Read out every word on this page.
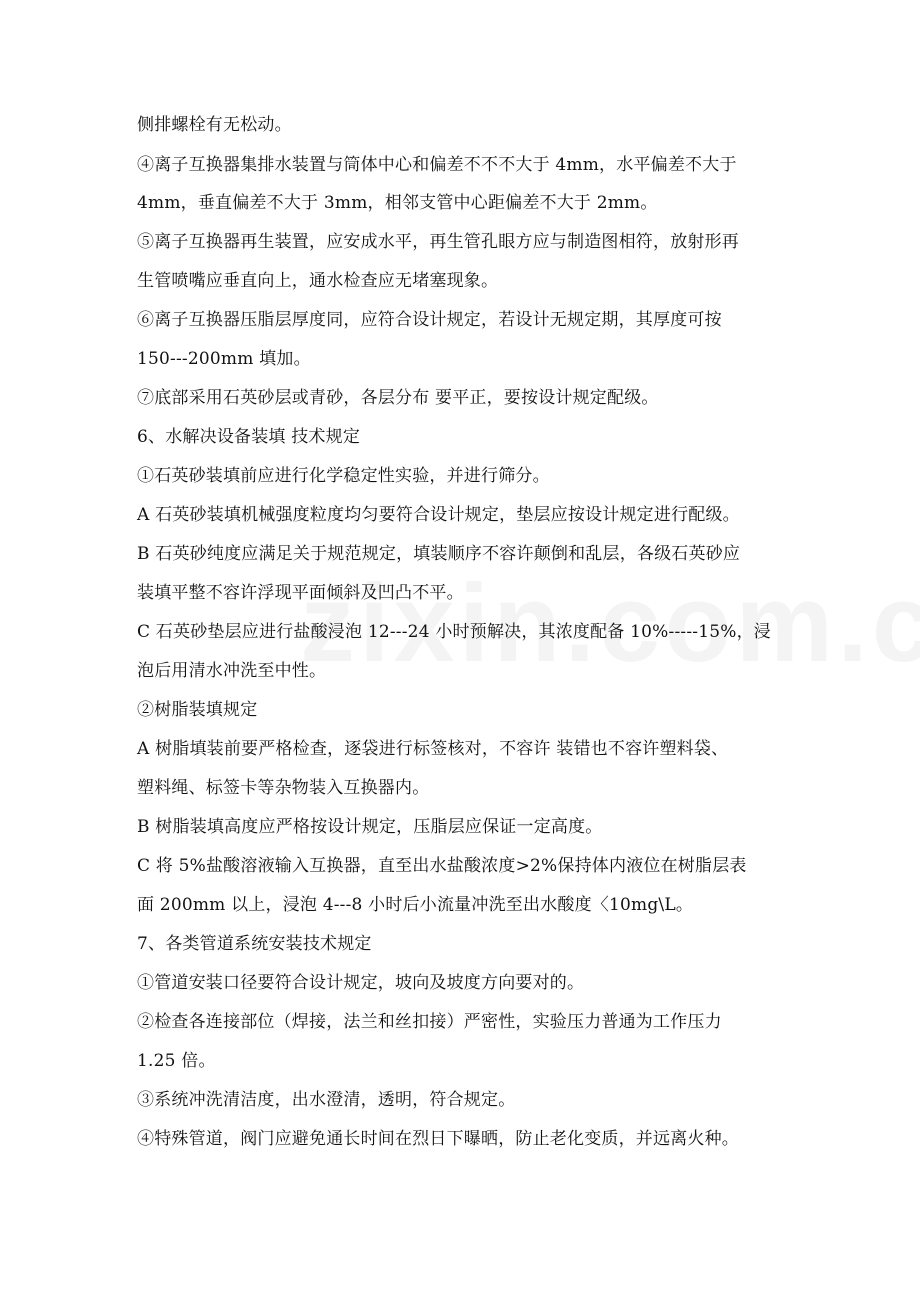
侧排螺栓有无松动。
④离子互换器集排水装置与筒体中心和偏差不不不大于 4mm，水平偏差不大于
4mm，垂直偏差不大于 3mm，相邻支管中心距偏差不大于 2mm。
⑤离子互换器再生装置，应安成水平，再生管孔眼方应与制造图相符，放射形再
生管喷嘴应垂直向上，通水检查应无堵塞现象。
⑥离子互换器压脂层厚度同，应符合设计规定，若设计无规定期，其厚度可按
150---200mm 填加。
⑦底部采用石英砂层或青砂，各层分布 要平正，要按设计规定配级。
6、水解决设备装填 技术规定
①石英砂装填前应进行化学稳定性实验，并进行筛分。
A 石英砂装填机械强度粒度均匀要符合设计规定，垫层应按设计规定进行配级。
B 石英砂纯度应满足关于规范规定，填装顺序不容许颠倒和乱层，各级石英砂应
装填平整不容许浮现平面倾斜及凹凸不平。
C 石英砂垫层应进行盐酸浸泡 12---24 小时预解决，其浓度配备 10%-----15%，浸
泡后用清水冲洗至中性。
②树脂装填规定
A 树脂填装前要严格检查，逐袋进行标签核对，不容许 装错也不容许塑料袋、
塑料绳、标签卡等杂物装入互换器内。
B 树脂装填高度应严格按设计规定，压脂层应保证一定高度。
C 将 5%盐酸溶液输入互换器，直至出水盐酸浓度>2%保持体内液位在树脂层表
面 200mm 以上，浸泡 4---8 小时后小流量冲洗至出水酸度〈10mg\L。
7、各类管道系统安装技术规定
①管道安装口径要符合设计规定，坡向及坡度方向要对的。
②检查各连接部位（焊接，法兰和丝扣接）严密性，实验压力普通为工作压力
1.25 倍。
③系统冲洗清洁度，出水澄清，透明，符合规定。
④特殊管道，阀门应避免通长时间在烈日下曝晒，防止老化变质，并远离火种。
